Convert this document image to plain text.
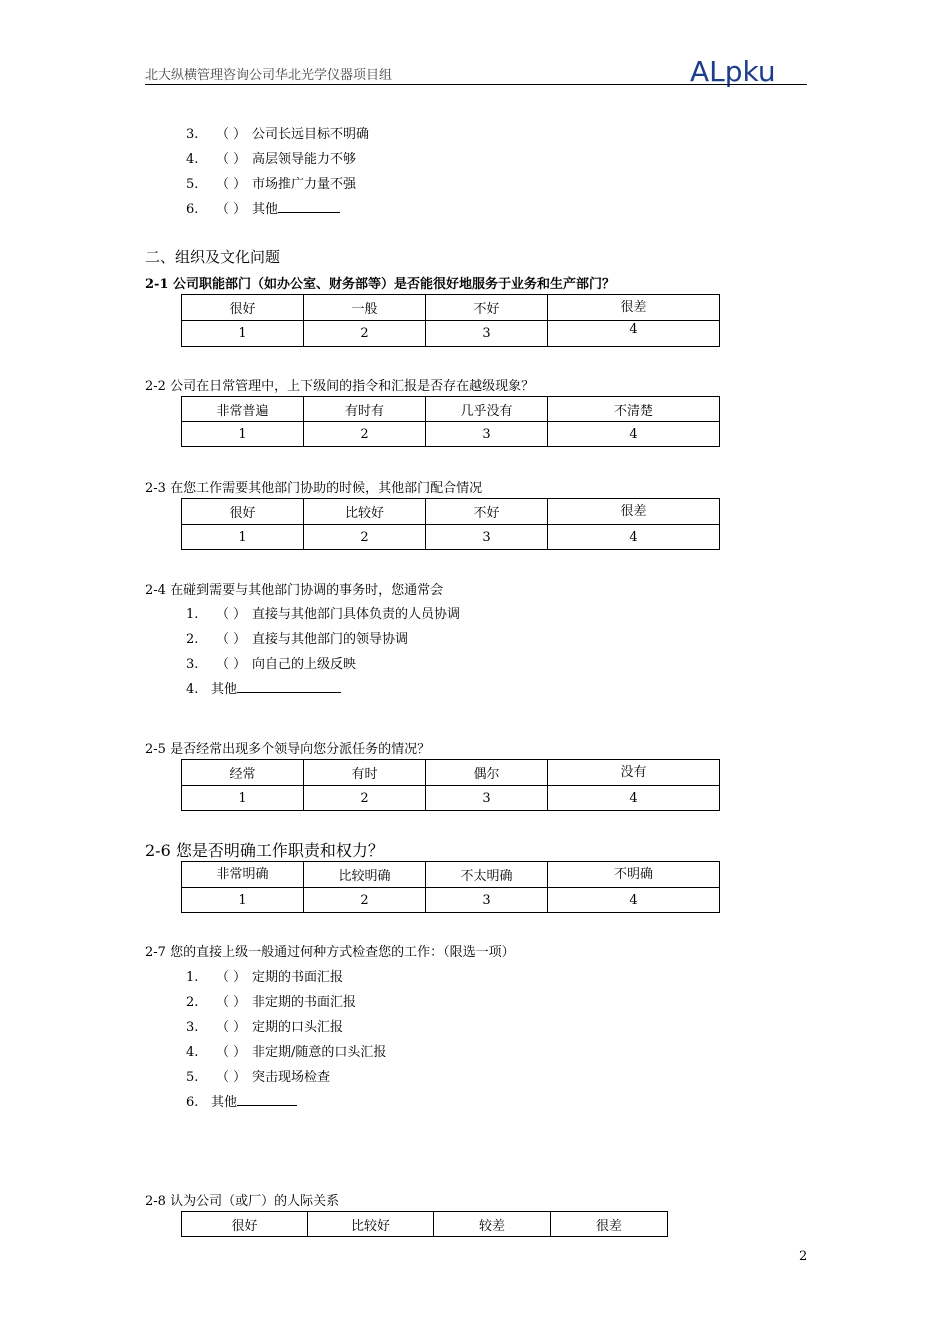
北大纵横管理咨询公司华北光学仪器项目组	ALpku
3. （ ） 公司长远目标不明确
4. （ ） 高层领导能力不够
5. （ ） 市场推广力量不强
6. （ ） 其他
二、组织及文化问题
2-1 公司职能部门（如办公室、财务部等）是否能很好地服务于业务和生产部门？
很好	一般	不好	很差
1	2	3	4
2-2 公司在日常管理中，上下级间的指令和汇报是否存在越级现象？
非常普遍	有时有	几乎没有	不清楚
1	2	3	4
2-3 在您工作需要其他部门协助的时候，其他部门配合情况
很好	比较好	不好	很差
1	2	3	4
2-4 在碰到需要与其他部门协调的事务时，您通常会
1. （ ） 直接与其他部门具体负责的人员协调
2. （ ） 直接与其他部门的领导协调
3. （ ） 向自己的上级反映
4. 其他
2-5 是否经常出现多个领导向您分派任务的情况？
经常	有时	偶尔	没有
1	2	3	4
2-6 您是否明确工作职责和权力？
非常明确	比较明确	不太明确	不明确
1	2	3	4
2-7 您的直接上级一般通过何种方式检查您的工作：（限选一项）
1. （ ） 定期的书面汇报
2. （ ） 非定期的书面汇报
3. （ ） 定期的口头汇报
4. （ ） 非定期/随意的口头汇报
5. （ ） 突击现场检查
6. 其他
2-8 认为公司（或厂）的人际关系
很好	比较好	较差	很差
2
